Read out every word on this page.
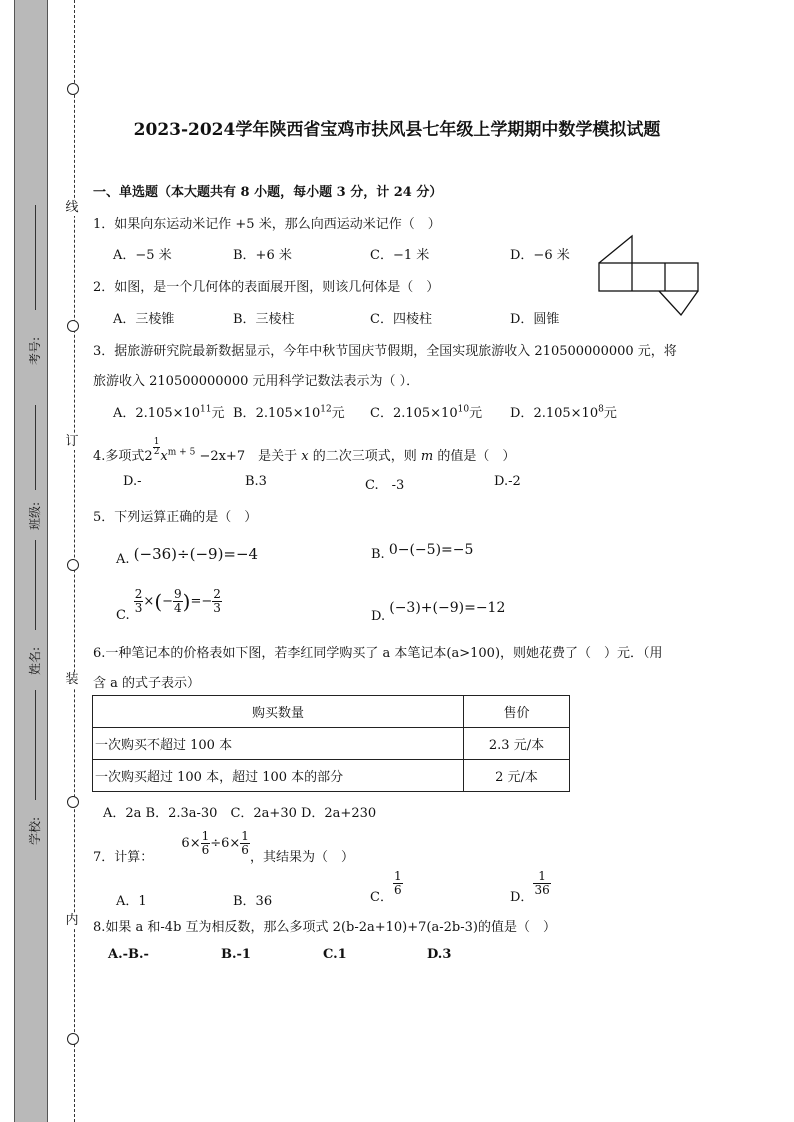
线
订
装
内
考号:
班级:
姓名:
学校:
2023-2024学年陕西省宝鸡市扶风县七年级上学期期中数学模拟试题
一、单选题（本大题共有 8 小题，每小题 3 分，计 24 分）
1．如果向东运动米记作 +5 米，那么向西运动米记作（　）
A．−5 米	B．+6 米	C．−1 米	D．−6 米
2．如图，是一个几何体的表面展开图，则该几何体是（　）
A．三棱锥	B．三棱柱	C．四棱柱	D．圆锥
3．据旅游研究院最新数据显示，今年中秋节国庆节假期，全国实现旅游收入 210500000000 元，将
旅游收入 210500000000 元用科学记数法表示为（ ）．
A．$2.105\times 10^{11}$元 B．$2.105\times 10^{12}$元 C．$2.105\times 10^{10}$元 D．$2.105\times 10^8$元
4.多项式$2 \frac{1}{2} x^{m + 5} -2x+7$　是关于 x 的二次三项式，则 m 的值是（　）
D.-	B.3	C.　-3	D.-2
5．下列运算正确的是（　）
A. (−36)÷(−9)=−4	B. 0−(−5)=−5
C.
$\frac{2}{3}$ ×(− $\frac{9}{4}$ )=− $\frac{2}{3}$
D. (−3)+(−9)=−12
6.一种笔记本的价格表如下图，若李红同学购买了 a 本笔记本(a>100)，则她花费了（　）元．（用
含 a 的式子表示）
购买数量	售价
一次购买不超过 100 本	2.3 元/本
一次购买超过 100 本，超过 100 本的部分	2 元/本
A．2a B．2.3a-30　C．2a+30 D．2a+230
7．计算： $6\times \frac{1}{6} \div 6\times \frac{1}{6}$
，其结果为（　）
A．1	B．36	C．
$\frac{1}{6}$
D．
$\frac{1}{36}$
8.如果 a 和-4b 互为相反数，那么多项式 2(b-2a+10)+7(a-2b-3)的值是（　）
A.-B.-	B.-1	C.1	D.3
